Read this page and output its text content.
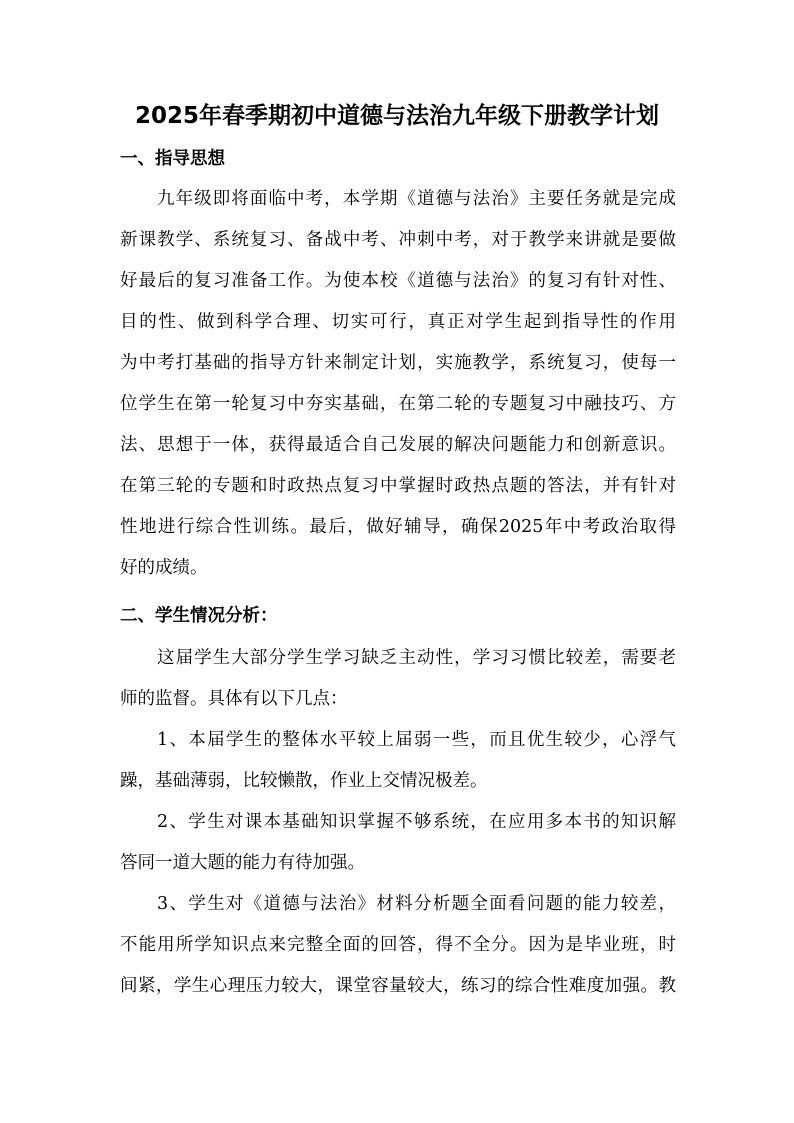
2025年春季期初中道德与法治九年级下册教学计划
一、指导思想

九年级即将面临中考，本学期《道德与法治》主要任务就是完成

新课教学、系统复习、备战中考、冲刺中考，对于教学来讲就是要做

好最后的复习准备工作。为使本校《道德与法治》的复习有针对性、

目的性、做到科学合理、切实可行，真正对学生起到指导性的作用

为中考打基础的指导方针来制定计划，实施教学，系统复习，使每一

位学生在第一轮复习中夯实基础，在第二轮的专题复习中融技巧、方

法、思想于一体，获得最适合自己发展的解决问题能力和创新意识。

在第三轮的专题和时政热点复习中掌握时政热点题的答法，并有针对

性地进行综合性训练。最后，做好辅导，确保2025年中考政治取得

好的成绩。

二、学生情况分析：

这届学生大部分学生学习缺乏主动性，学习习惯比较差，需要老

师的监督。具体有以下几点：

1、本届学生的整体水平较上届弱一些，而且优生较少，心浮气

躁，基础薄弱，比较懒散，作业上交情况极差。

2、学生对课本基础知识掌握不够系统，在应用多本书的知识解

答同一道大题的能力有待加强。

3、学生对《道德与法治》材料分析题全面看问题的能力较差，

不能用所学知识点来完整全面的回答，得不全分。因为是毕业班，时

间紧，学生心理压力较大，课堂容量较大，练习的综合性难度加强。教
